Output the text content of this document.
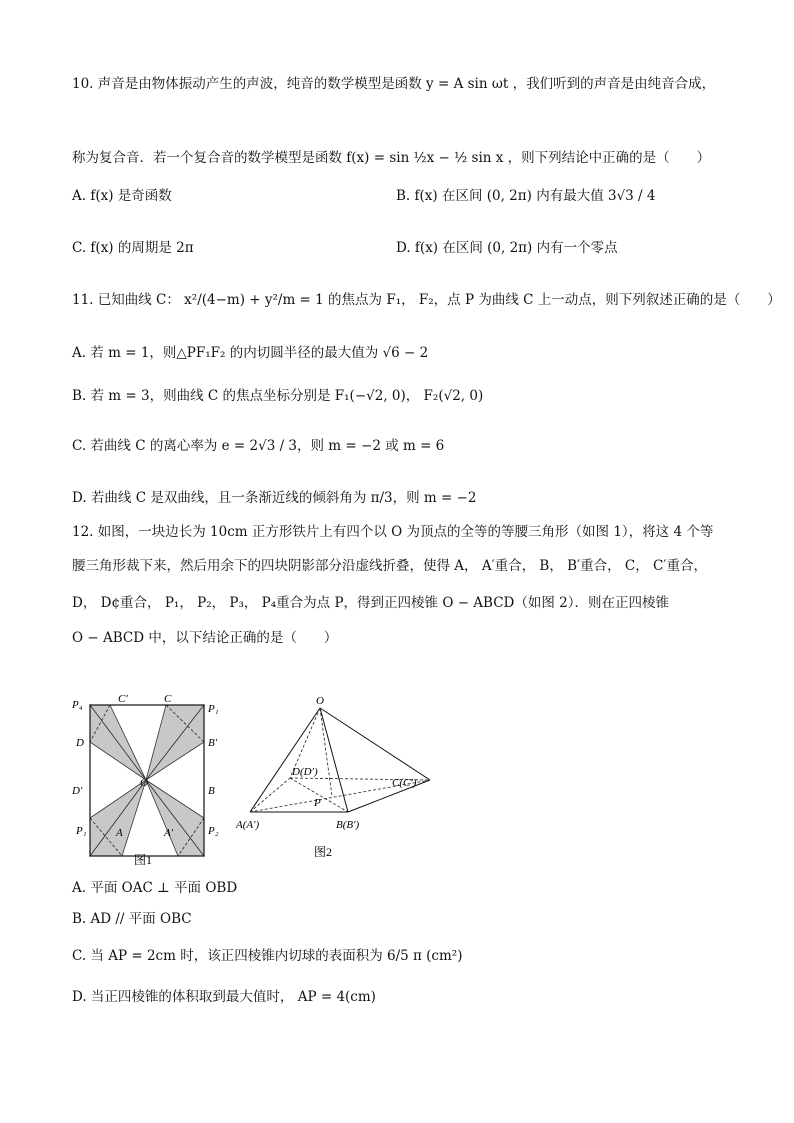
10. 声音是由物体振动产生的声波，纯音的数学模型是函数 y = A sin ωt ，我们听到的声音是由纯音合成，
称为复合音．若一个复合音的数学模型是函数 f(x) = sin ½x − ½ sin x ，则下列结论中正确的是（　　）
A. f(x) 是奇函数	B. f(x) 在区间 (0, 2π) 内有最大值 3√3 / 4
C. f(x) 的周期是 2π	D. f(x) 在区间 (0, 2π) 内有一个零点
11. 已知曲线 C： x²/(4−m) + y²/m = 1 的焦点为 F₁， F₂，点 P 为曲线 C 上一动点，则下列叙述正确的是（　　）
A. 若 m = 1，则△PF₁F₂ 的内切圆半径的最大值为 √6 − 2
B. 若 m = 3，则曲线 C 的焦点坐标分别是 F₁(−√2, 0)， F₂(√2, 0)
C. 若曲线 C 的离心率为 e = 2√3 / 3，则 m = −2 或 m = 6
D. 若曲线 C 是双曲线，且一条渐近线的倾斜角为 π/3，则 m = −2
12. 如图，一块边长为 10cm 正方形铁片上有四个以 O 为顶点的全等的等腰三角形（如图 1），将这 4 个等
腰三角形裁下来，然后用余下的四块阴影部分沿虚线折叠，使得 A， A′重合， B， B′重合， C， C′重合，
D， D¢重合， P₁， P₂， P₃， P₄重合为点 P，得到正四棱锥 O − ABCD（如图 2）．则在正四棱锥
O − ABCD 中，以下结论正确的是（　　）
P₄	C′	C
P₁
D	B′
O
D′	B
P₁	A	A′	P₂
图1
O
D(D′)
C(C′)
P
A(A′)	B(B′)
图2
A. 平面 OAC ⊥ 平面 OBD
B. AD // 平面 OBC
C. 当 AP = 2cm 时，该正四棱锥内切球的表面积为 6/5 π (cm²)
D. 当正四棱锥的体积取到最大值时， AP = 4(cm)
